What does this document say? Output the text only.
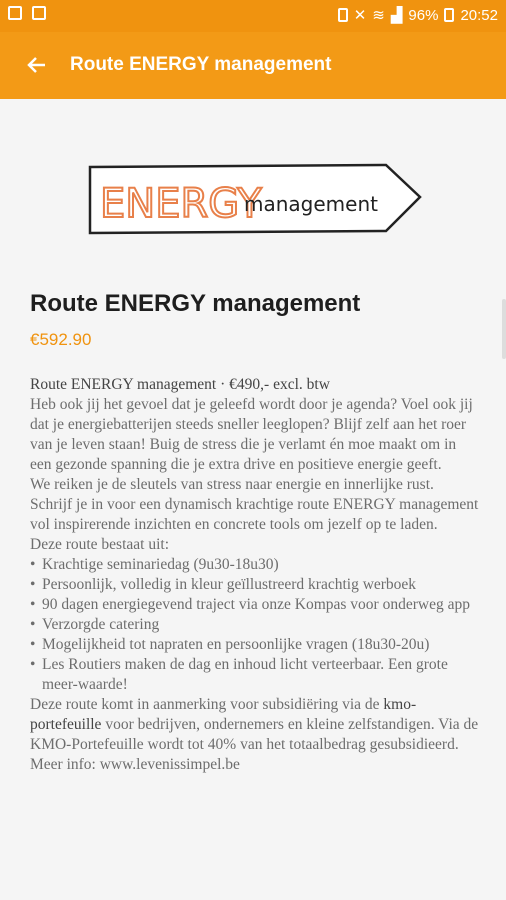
✕ ≋ ▟ 96% 20:52
Route ENERGY management
ENERGY
management
Route ENERGY management
€592.90

Route ENERGY management · €490,- excl. btw

Heb ook jij het gevoel dat je geleefd wordt door je agenda? Voel ook jij dat je energiebatterijen steeds sneller leeglopen? Blijf zelf aan het roer van je leven staan! Buig de stress die je verlamt én moe maakt om in een gezonde spanning die je extra drive en positieve energie geeft.

We reiken je de sleutels van stress naar energie en innerlijke rust.

Schrijf je in voor een dynamisch krachtige route ENERGY management vol inspirerende inzichten en concrete tools om jezelf op te laden.

Deze route bestaat uit:

• Krachtige seminariedag (9u30-18u30)

• Persoonlijk, volledig in kleur geïllustreerd krachtig werboek

• 90 dagen energiegevend traject via onze Kompas voor onderweg app

• Verzorgde catering

• Mogelijkheid tot napraten en persoonlijke vragen (18u30-20u)

• Les Routiers maken de dag en inhoud licht verteerbaar. Een grote meer-waarde!

Deze route komt in aanmerking voor subsidiëring via de kmo-portefeuille voor bedrijven, ondernemers en kleine zelfstandigen. Via de KMO-Portefeuille wordt tot 40% van het totaalbedrag gesubsidieerd.

Meer info: www.levenissimpel.be
